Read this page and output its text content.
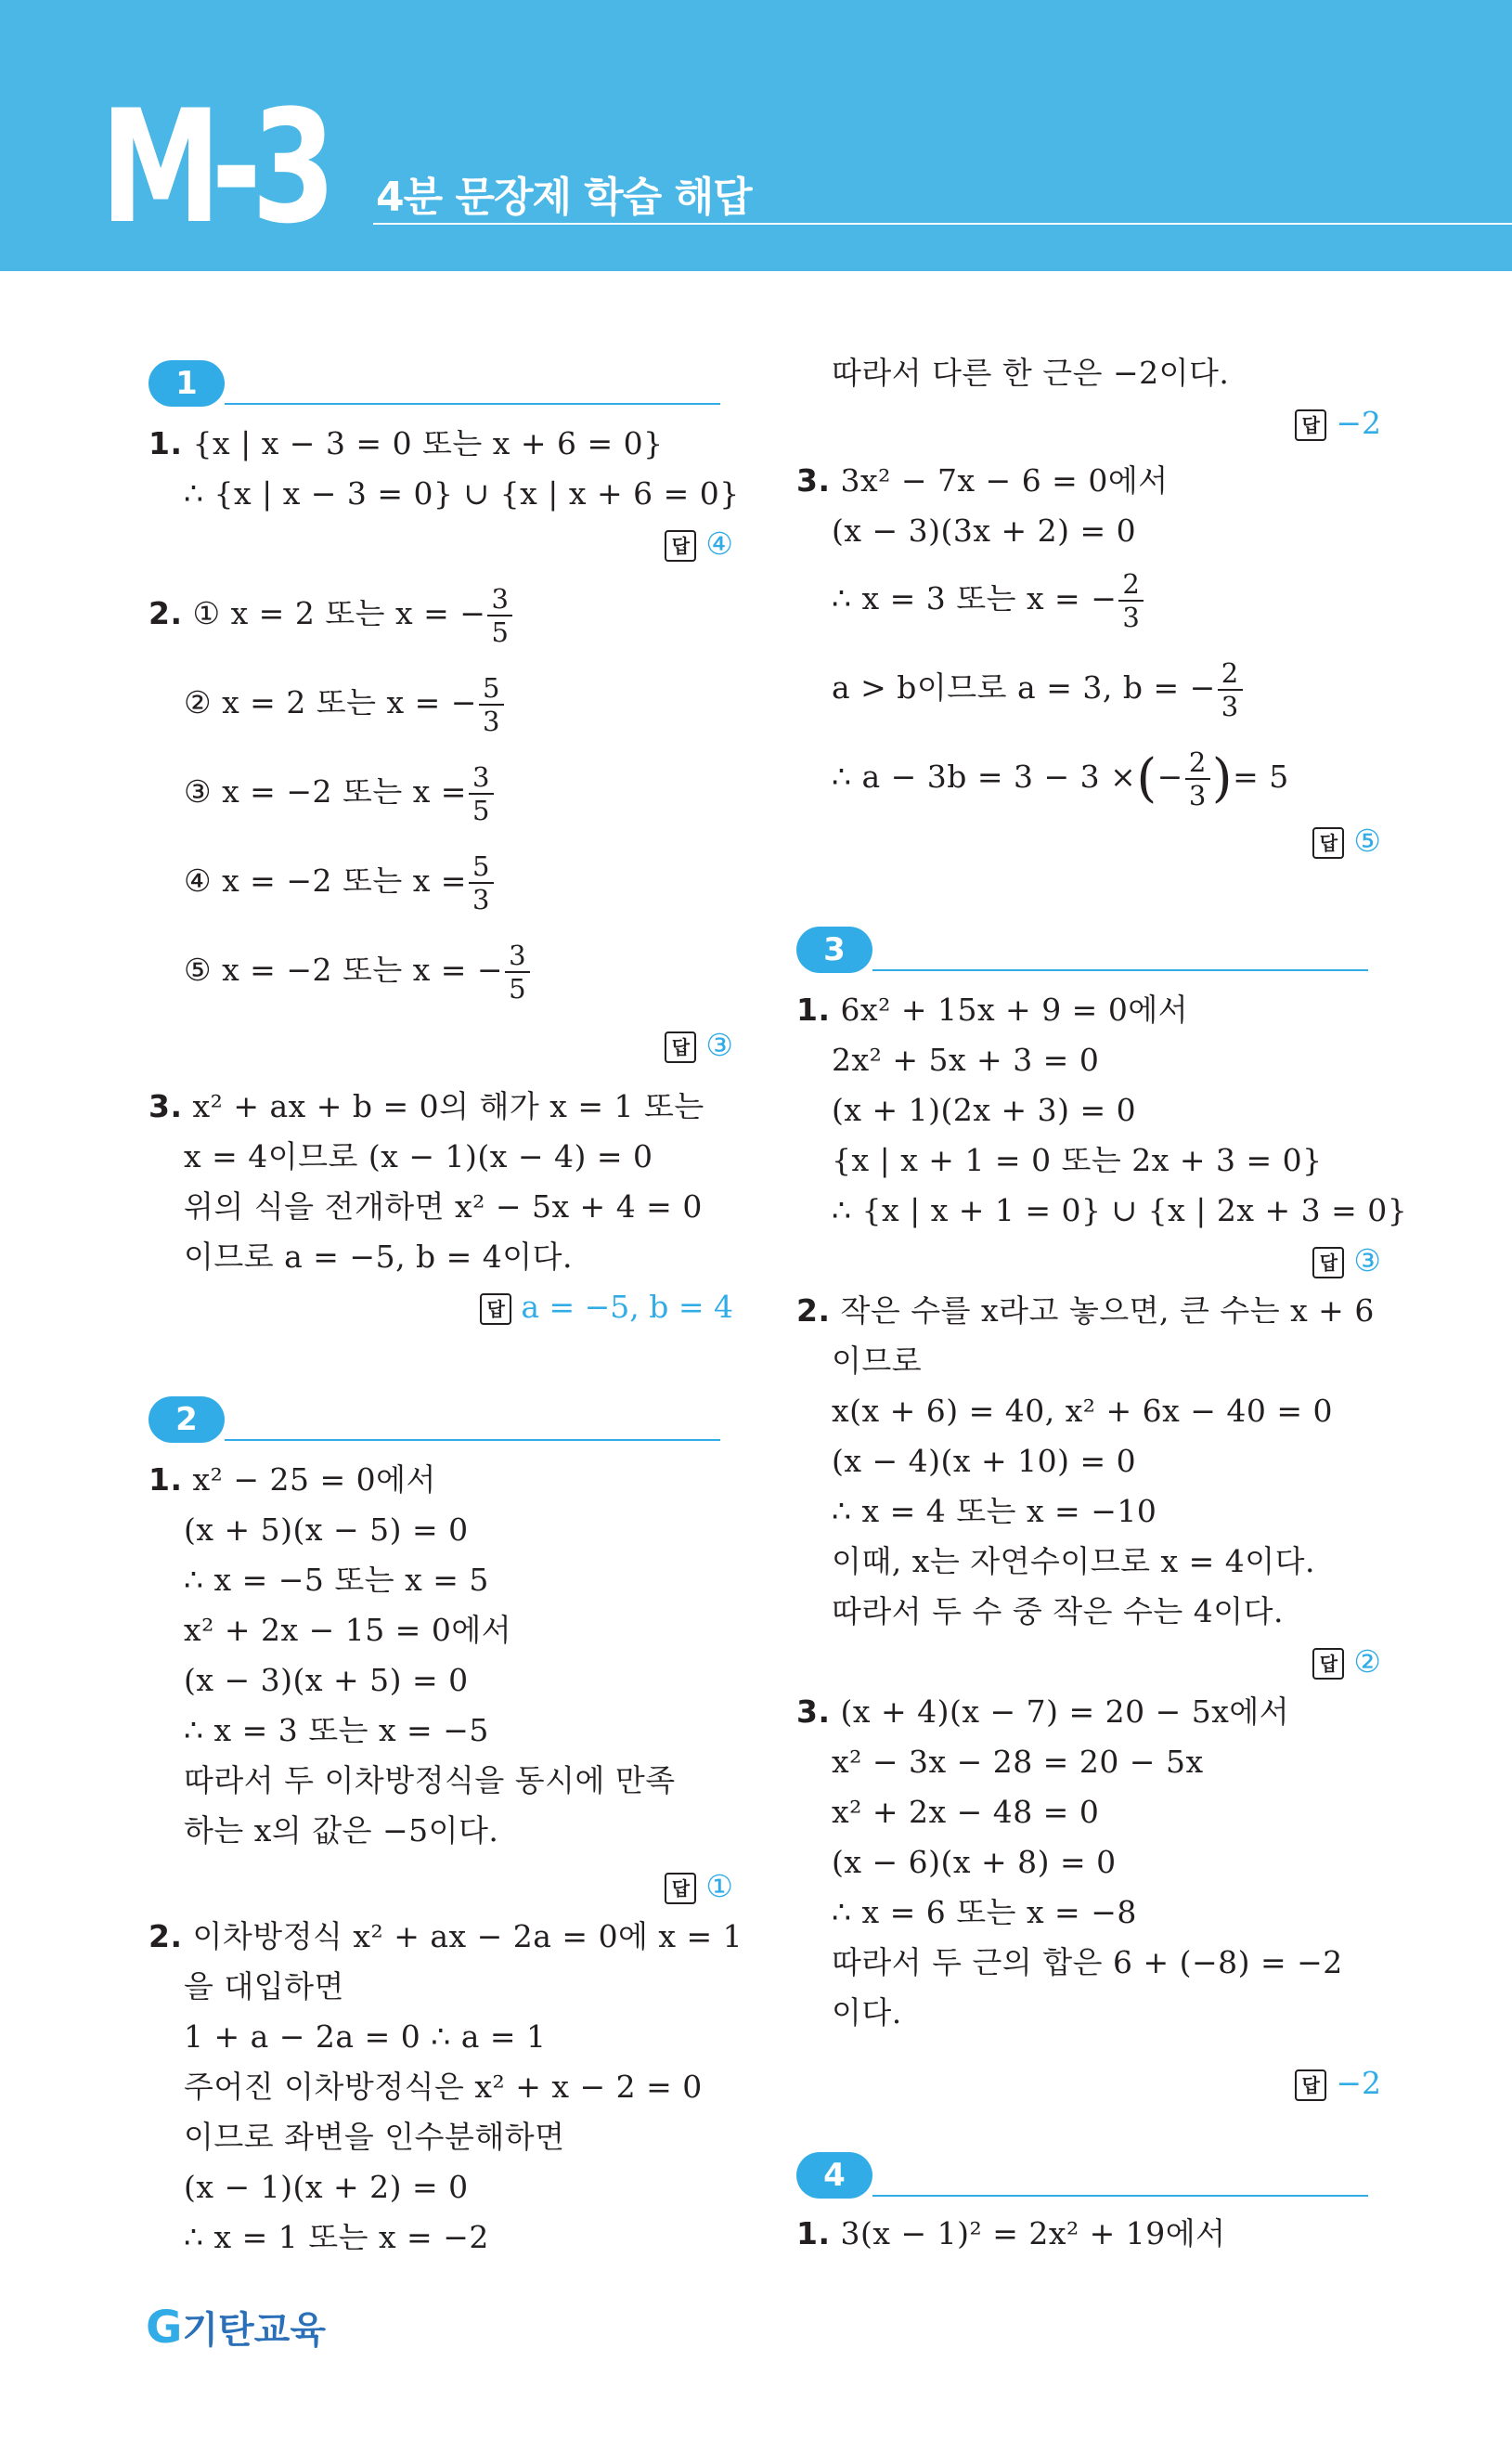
M-3 4분 문장제 학습 해답
1
1. {x | x − 3 = 0 또는 x + 6 = 0}
∴ {x | x − 3 = 0} ∪ {x | x + 6 = 0}
답 ④
2. ① x = 2 또는 x = − $\frac{3}{5}$
② x = 2 또는 x = − $\frac{5}{3}$
③ x = −2 또는 $x = \frac{3}{5}$
④ x = −2 또는 $x = \frac{5}{3}$
⑤ x = −2 또는 x = − $\frac{3}{5}$
답 ③
3. x² + ax + b = 0의 해가 x = 1 또는
x = 4이므로 (x − 1)(x − 4) = 0
위의 식을 전개하면 x² − 5x + 4 = 0
이므로 a = −5, b = 4이다.
답 a = −5, b = 4
2
1. x² − 25 = 0에서
(x + 5)(x − 5) = 0
∴ x = −5 또는 x = 5
x² + 2x − 15 = 0에서
(x − 3)(x + 5) = 0
∴ x = 3 또는 x = −5
따라서 두 이차방정식을 동시에 만족
하는 x의 값은 −5이다.
답 ①
2. 이차방정식 x² + ax − 2a = 0에 x = 1
을 대입하면
1 + a − 2a = 0 ∴ a = 1
주어진 이차방정식은 x² + x − 2 = 0
이므로 좌변을 인수분해하면
(x − 1)(x + 2) = 0
∴ x = 1 또는 x = −2
따라서 다른 한 근은 −2이다.
답 −2
3. 3x² − 7x − 6 = 0에서
(x − 3)(3x + 2) = 0
∴ x = 3 또는 x = − $\frac{2}{3}$
a > b이므로 a = 3, b = − $\frac{2}{3}$
∴ a − 3b = 3 − 3 ×(− $\frac{2}{3}$ )= 5
답 ⑤
3
1. 6x² + 15x + 9 = 0에서
2x² + 5x + 3 = 0
(x + 1)(2x + 3) = 0
{x | x + 1 = 0 또는 2x + 3 = 0}
∴ {x | x + 1 = 0} ∪ {x | 2x + 3 = 0}
답 ③
2. 작은 수를 x라고 놓으면, 큰 수는 x + 6
이므로
x(x + 6) = 40, x² + 6x − 40 = 0
(x − 4)(x + 10) = 0
∴ x = 4 또는 x = −10
이때, x는 자연수이므로 x = 4이다.
따라서 두 수 중 작은 수는 4이다.
답 ②
3. (x + 4)(x − 7) = 20 − 5x에서
x² − 3x − 28 = 20 − 5x
x² + 2x − 48 = 0
(x − 6)(x + 8) = 0
∴ x = 6 또는 x = −8
따라서 두 근의 합은 6 + (−8) = −2
이다.
답 −2
4
1. 3(x − 1)² = 2x² + 19에서
G기탄교육
